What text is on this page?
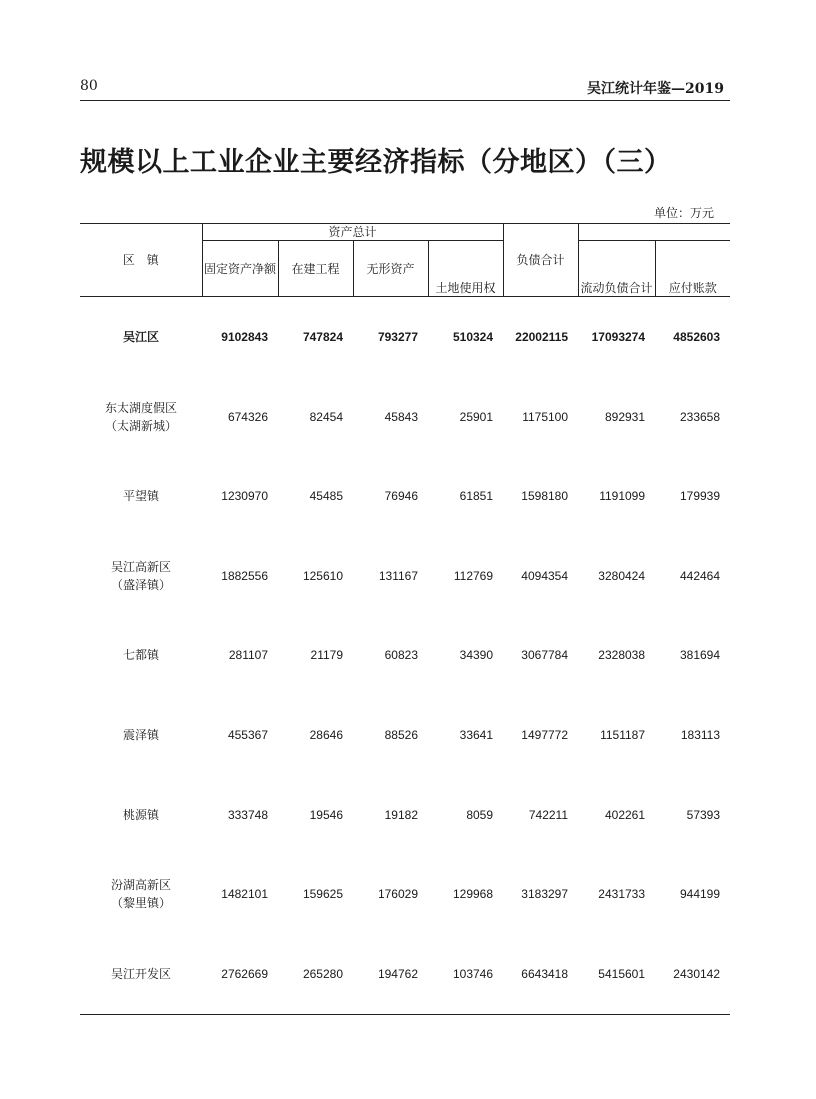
80	吴江统计年鉴—2019
规模以上工业企业主要经济指标（分地区）（三）
单位：万元
区　镇	资产总计				负债合计		
	固定资产净额	在建工程	无形资产	土地使用权		流动负债合计	应付账款
吴江区	9102843	747824	793277	510324	22002115	17093274	4852603
东太湖度假区
（太湖新城）	674326	82454	45843	25901	1175100	892931	233658
平望镇	1230970	45485	76946	61851	1598180	1191099	179939
吴江高新区
（盛泽镇）	1882556	125610	131167	112769	4094354	3280424	442464
七都镇	281107	21179	60823	34390	3067784	2328038	381694
震泽镇	455367	28646	88526	33641	1497772	1151187	183113
桃源镇	333748	19546	19182	8059	742211	402261	57393
汾湖高新区
（黎里镇）	1482101	159625	176029	129968	3183297	2431733	944199
吴江开发区	2762669	265280	194762	103746	6643418	5415601	2430142
